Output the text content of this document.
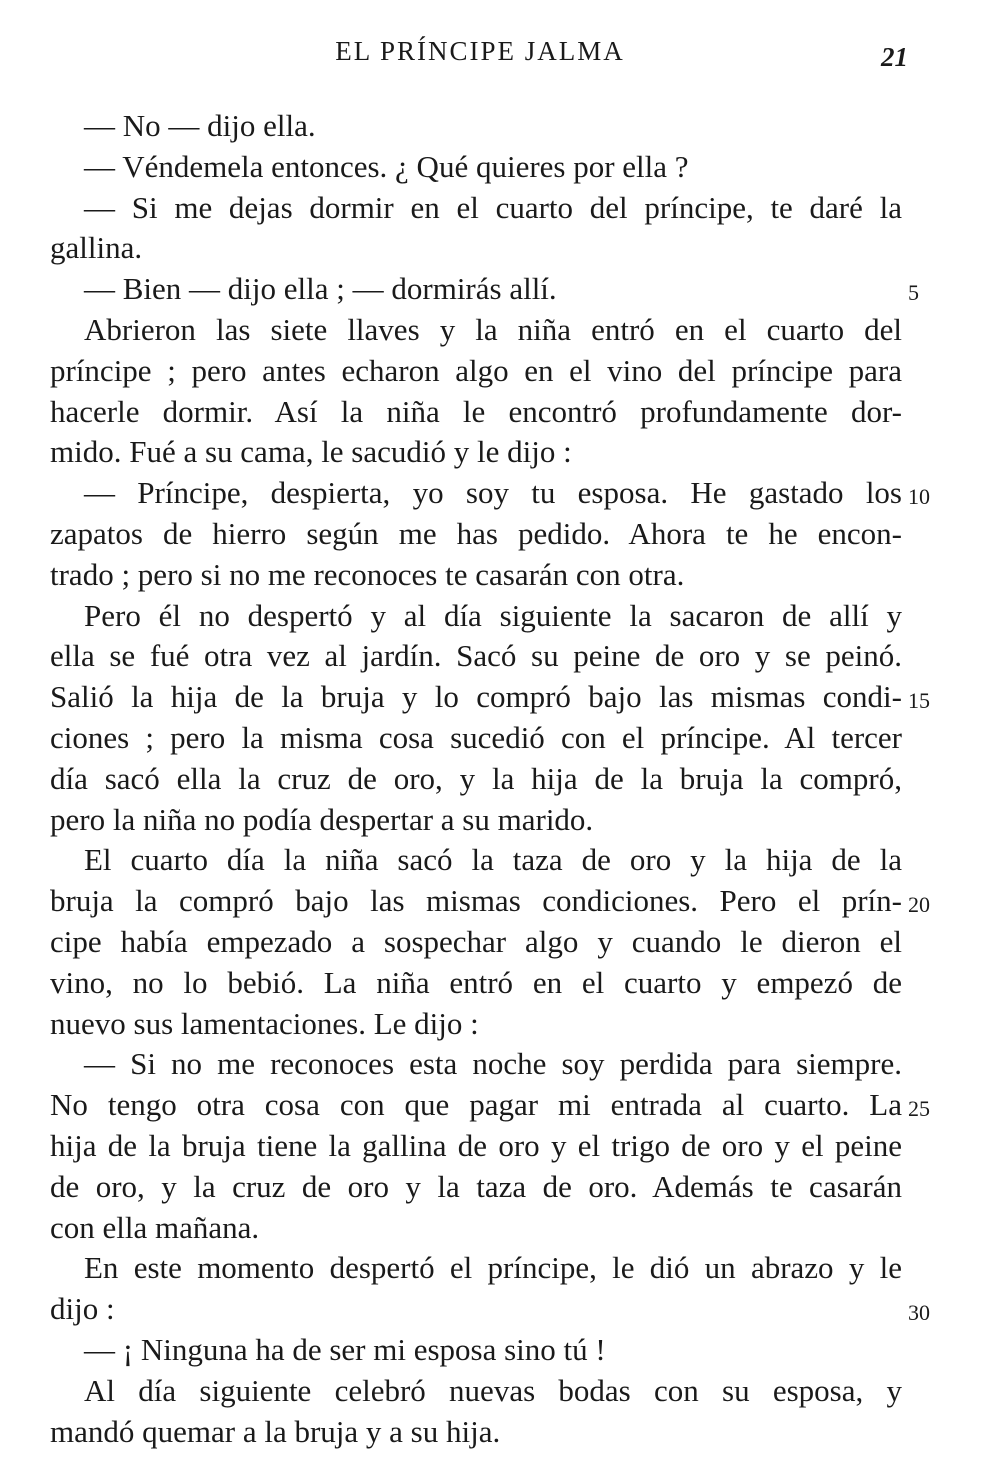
EL PRÍNCIPE JALMA	21
— No — dijo ella.
— Véndemela entonces. ¿ Qué quieres por ella ?
— Si me dejas dormir en el cuarto del príncipe, te daré la
gallina.
— Bien — dijo ella ; — dormirás allí.
Abrieron las siete llaves y la niña entró en el cuarto del
príncipe ; pero antes echaron algo en el vino del príncipe para
hacerle dormir. Así la niña le encontró profundamente dor-
mido. Fué a su cama, le sacudió y le dijo :
— Príncipe, despierta, yo soy tu esposa. He gastado los
zapatos de hierro según me has pedido. Ahora te he encon-
trado ; pero si no me reconoces te casarán con otra.
Pero él no despertó y al día siguiente la sacaron de allí y
ella se fué otra vez al jardín. Sacó su peine de oro y se peinó.
Salió la hija de la bruja y lo compró bajo las mismas condi-
ciones ; pero la misma cosa sucedió con el príncipe. Al tercer
día sacó ella la cruz de oro, y la hija de la bruja la compró,
pero la niña no podía despertar a su marido.
El cuarto día la niña sacó la taza de oro y la hija de la
bruja la compró bajo las mismas condiciones. Pero el prín-
cipe había empezado a sospechar algo y cuando le dieron el
vino, no lo bebió. La niña entró en el cuarto y empezó de
nuevo sus lamentaciones. Le dijo :
— Si no me reconoces esta noche soy perdida para siempre.
No tengo otra cosa con que pagar mi entrada al cuarto. La
hija de la bruja tiene la gallina de oro y el trigo de oro y el peine
de oro, y la cruz de oro y la taza de oro. Además te casarán
con ella mañana.
En este momento despertó el príncipe, le dió un abrazo y le
dijo :
— ¡ Ninguna ha de ser mi esposa sino tú !
Al día siguiente celebró nuevas bodas con su esposa, y
mandó quemar a la bruja y a su hija.
5
10
15
20
25
30
